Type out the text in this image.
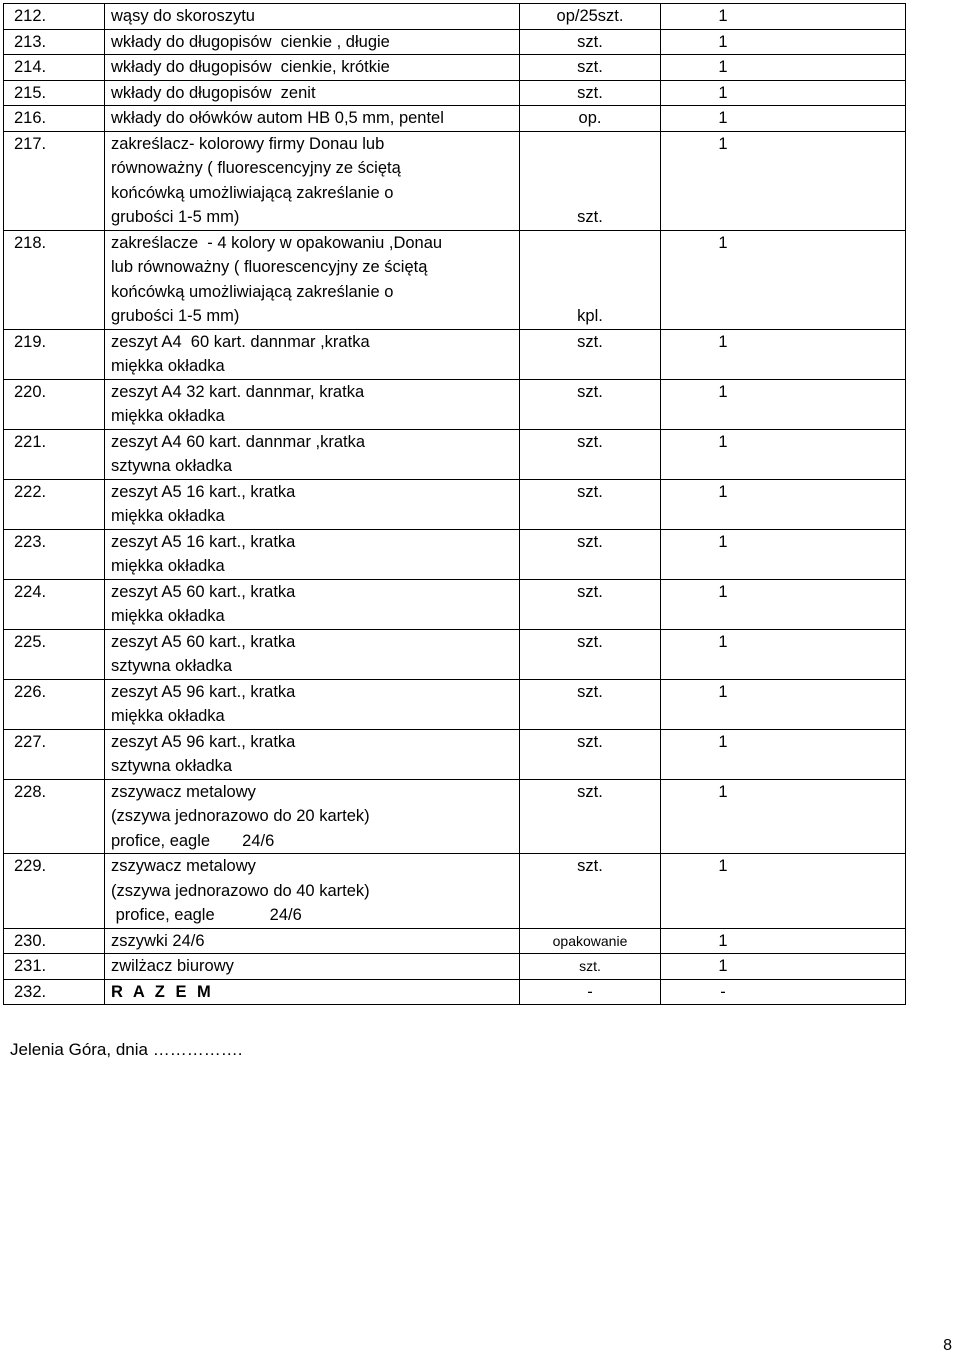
212.	wąsy do skoroszytu	op/25szt.	1
213.	wkłady do długopisów  cienkie , długie	szt.	1
214.	wkłady do długopisów  cienkie, krótkie	szt.	1
215.	wkłady do długopisów  zenit	szt.	1
216.	wkłady do ołówków autom HB 0,5 mm, pentel	op.	1
217.	zakreślacz- kolorowy firmy Donau lub
równoważny ( fluorescencyjny ze ściętą
końcówką umożliwiającą zakreślanie o
grubości 1-5 mm)	szt.	1
218.	zakreślacze  - 4 kolory w opakowaniu ,Donau
lub równoważny ( fluorescencyjny ze ściętą
końcówką umożliwiającą zakreślanie o
grubości 1-5 mm)	kpl.	1
219.	zeszyt A4  60 kart. dannmar ,kratka
miękka okładka	szt.	1
220.	zeszyt A4 32 kart. dannmar, kratka
miękka okładka	szt.	1
221.	zeszyt A4 60 kart. dannmar ,kratka
sztywna okładka	szt.	1
222.	zeszyt A5 16 kart., kratka
miękka okładka	szt.	1
223.	zeszyt A5 16 kart., kratka
miękka okładka	szt.	1
224.	zeszyt A5 60 kart., kratka
miękka okładka	szt.	1
225.	zeszyt A5 60 kart., kratka
sztywna okładka	szt.	1
226.	zeszyt A5 96 kart., kratka
miękka okładka	szt.	1
227.	zeszyt A5 96 kart., kratka
sztywna okładka	szt.	1
228.	zszywacz metalowy
(zszywa jednorazowo do 20 kartek)
profice, eagle       24/6	szt.	1
229.	zszywacz metalowy
(zszywa jednorazowo do 40 kartek)
profice, eagle            24/6	szt.	1
230.	zszywki 24/6	opakowanie	1
231.	zwilżacz biurowy	szt.	1
232.	R A Z E M	-	-
Jelenia Góra, dnia …………….
8
